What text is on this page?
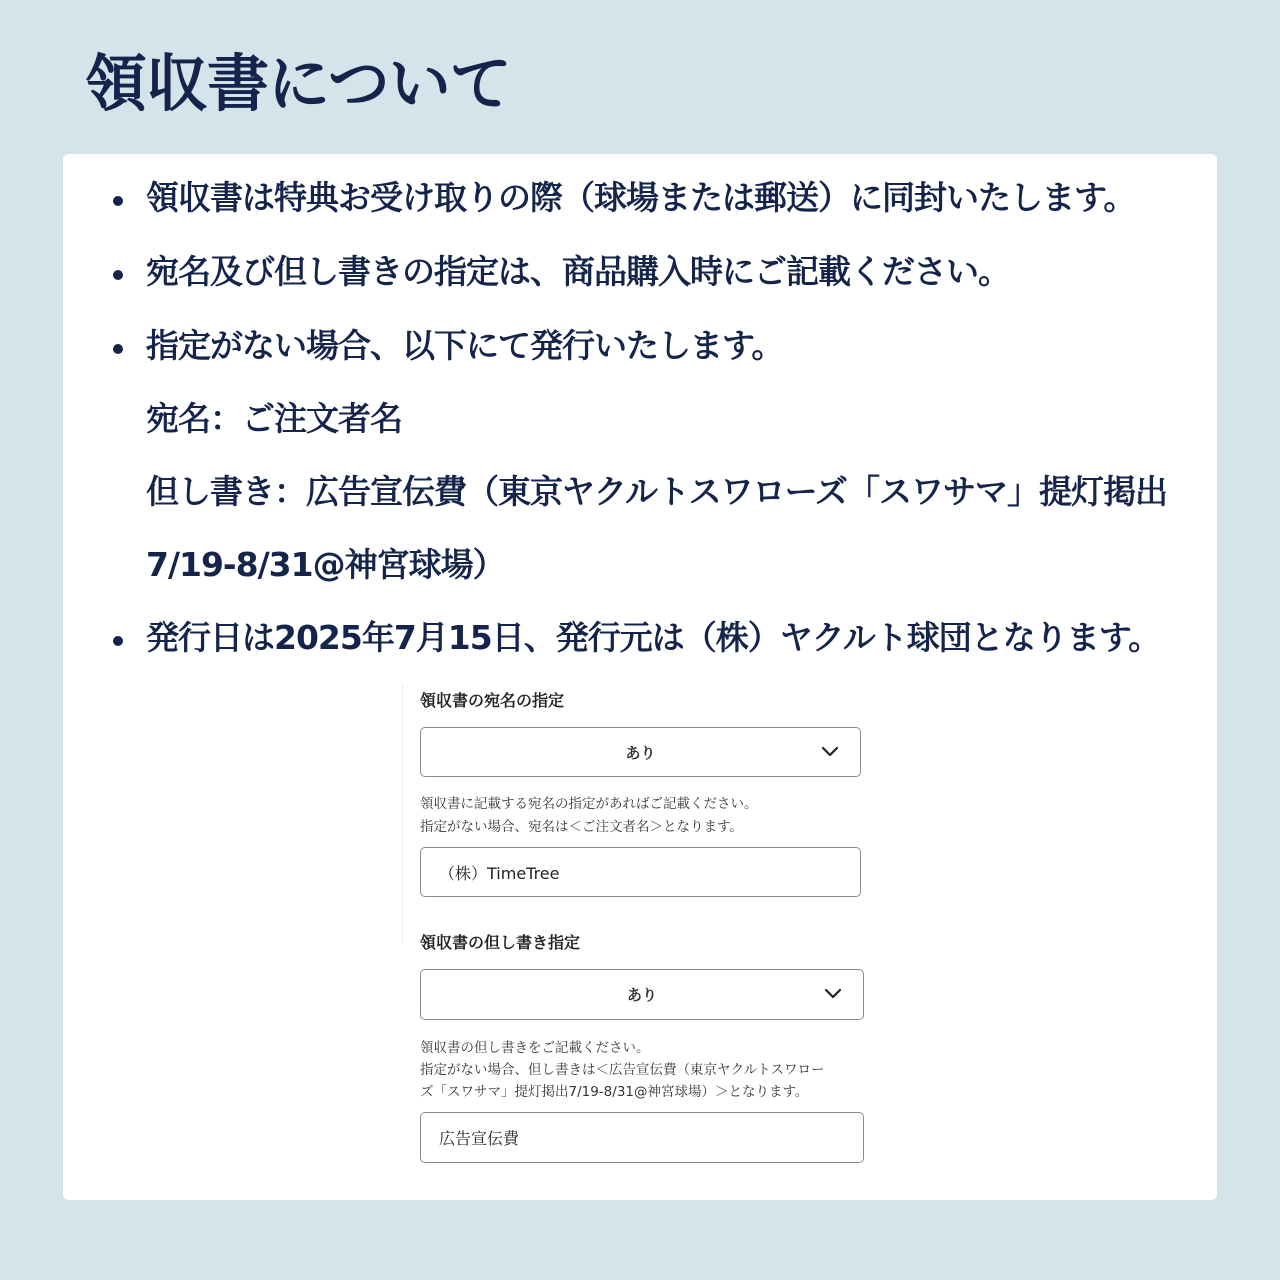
領収書について
領収書は特典お受け取りの際（球場または郵送）に同封いたします。
宛名及び但し書きの指定は、商品購入時にご記載ください。
指定がない場合、以下にて発行いたします。
宛名：ご注文者名
但し書き：広告宣伝費（東京ヤクルトスワローズ「スワサマ」提灯掲出
7/19-8/31@神宮球場）
発行日は2025年7月15日、発行元は（株）ヤクルト球団となります。
領収書の宛名の指定
あり
領収書に記載する宛名の指定があればご記載ください。
指定がない場合、宛名は＜ご注文者名＞となります。
（株）TimeTree
領収書の但し書き指定
あり
領収書の但し書きをご記載ください。
指定がない場合、但し書きは＜広告宣伝費（東京ヤクルトスワロー
ズ「スワサマ」提灯掲出7/19-8/31@神宮球場）＞となります。
広告宣伝費
